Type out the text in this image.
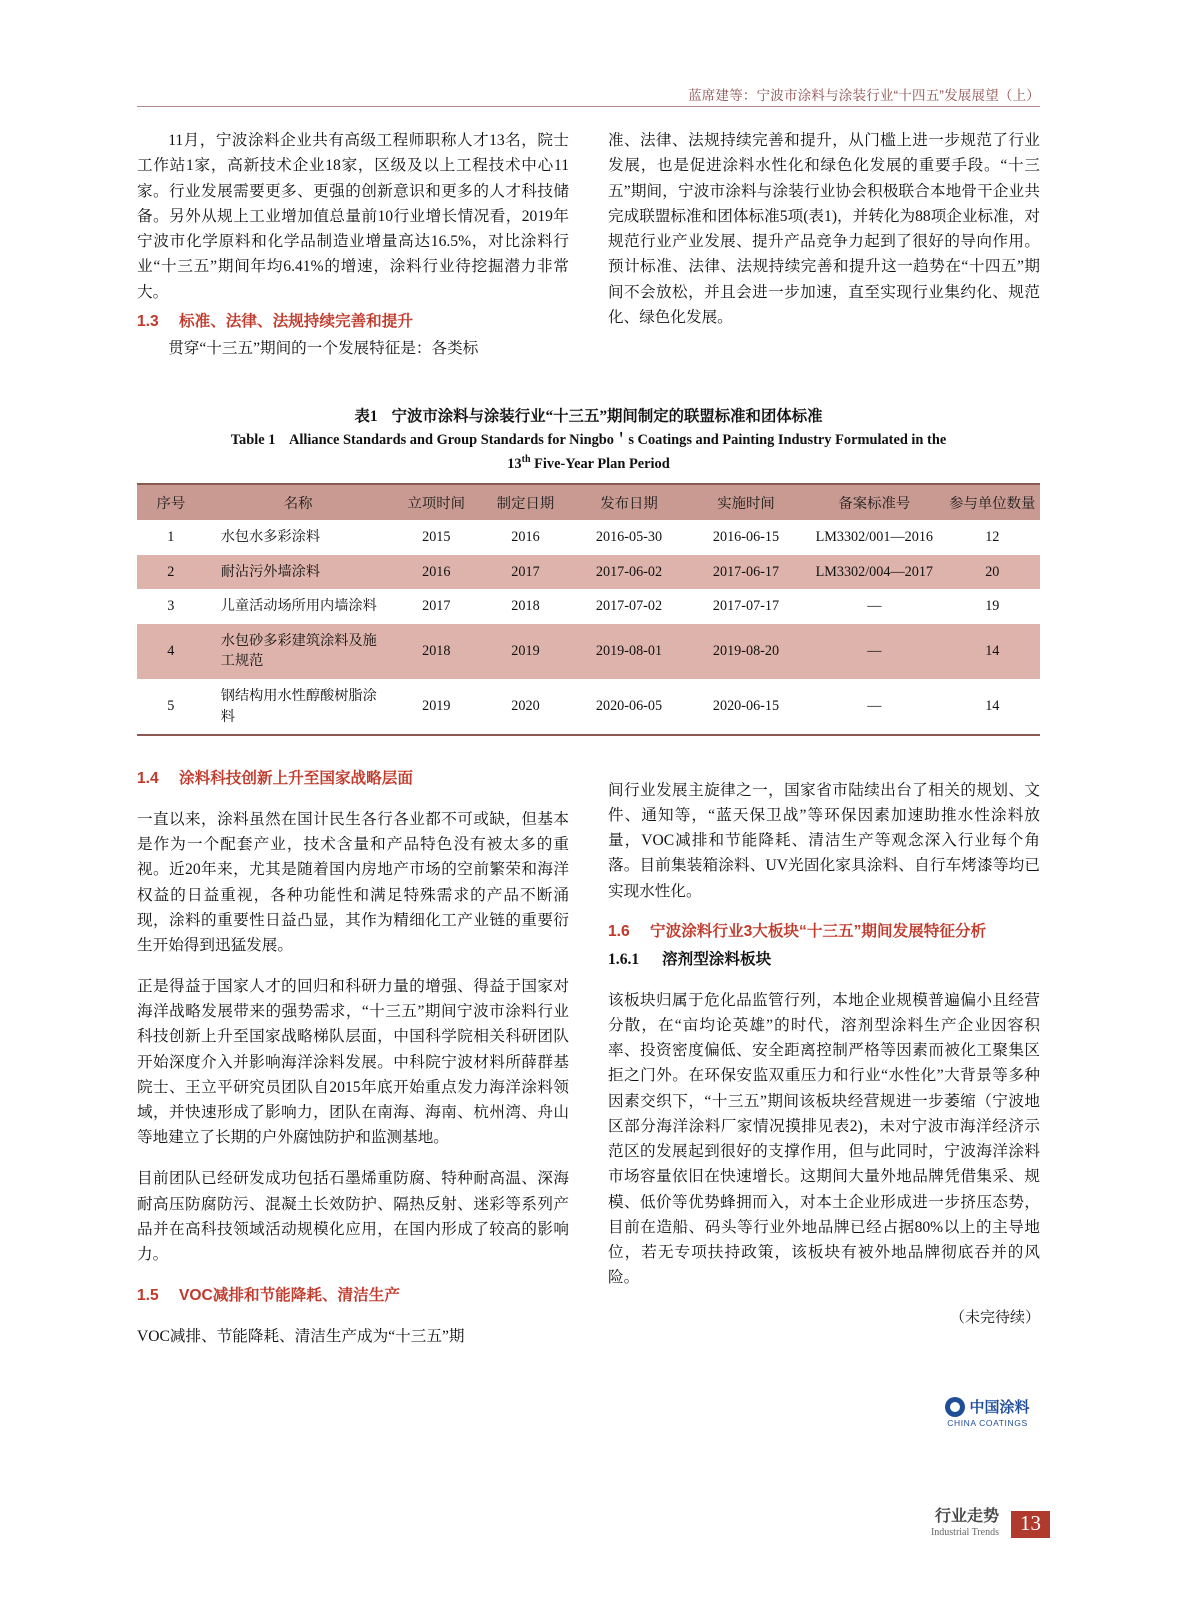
蓝席建等：宁波市涂料与涂装行业“十四五”发展展望（上）

11月，宁波涂料企业共有高级工程师职称人才13名，院士工作站1家，高新技术企业18家，区级及以上工程技术中心11家。行业发展需要更多、更强的创新意识和更多的人才科技储备。另外从规上工业增加值总量前10行业增长情况看，2019年宁波市化学原料和化学品制造业增量高达16.5%，对比涂料行业“十三五”期间年均6.41%的增速，涂料行业待挖掘潜力非常大。

1.3	标准、法律、法规持续完善和提升

贯穿“十三五”期间的一个发展特征是：各类标

准、法律、法规持续完善和提升，从门槛上进一步规范了行业发展，也是促进涂料水性化和绿色化发展的重要手段。“十三五”期间，宁波市涂料与涂装行业协会积极联合本地骨干企业共完成联盟标准和团体标准5项(表1)，并转化为88项企业标准，对规范行业产业发展、提升产品竞争力起到了很好的导向作用。预计标准、法律、法规持续完善和提升这一趋势在“十四五”期间不会放松，并且会进一步加速，直至实现行业集约化、规范化、绿色化发展。

表1 宁波市涂料与涂装行业“十三五”期间制定的联盟标准和团体标准
Table 1 Alliance Standards and Group Standards for Ningbo＇s Coatings and Painting Industry Formulated in the
13th Five-Year Plan Period
序号	名称	立项时间	制定日期	发布日期	实施时间	备案标准号	参与单位数量
1	水包水多彩涂料	2015	2016	2016-05-30	2016-06-15	LM3302/001—2016	12
2	耐沾污外墙涂料	2016	2017	2017-06-02	2017-06-17	LM3302/004—2017	20
3	儿童活动场所用内墙涂料	2017	2018	2017-07-02	2017-07-17	—	19
4	水包砂多彩建筑涂料及施工规范	2018	2019	2019-08-01	2019-08-20	—	14
5	钢结构用水性醇酸树脂涂料	2019	2020	2020-06-05	2020-06-15	—	14
1.4	涂料科技创新上升至国家战略层面

一直以来，涂料虽然在国计民生各行各业都不可或缺，但基本是作为一个配套产业，技术含量和产品特色没有被太多的重视。近20年来，尤其是随着国内房地产市场的空前繁荣和海洋权益的日益重视，各种功能性和满足特殊需求的产品不断涌现，涂料的重要性日益凸显，其作为精细化工产业链的重要衍生开始得到迅猛发展。

正是得益于国家人才的回归和科研力量的增强、得益于国家对海洋战略发展带来的强势需求，“十三五”期间宁波市涂料行业科技创新上升至国家战略梯队层面，中国科学院相关科研团队开始深度介入并影响海洋涂料发展。中科院宁波材料所薛群基院士、王立平研究员团队自2015年底开始重点发力海洋涂料领域，并快速形成了影响力，团队在南海、海南、杭州湾、舟山等地建立了长期的户外腐蚀防护和监测基地。

目前团队已经研发成功包括石墨烯重防腐、特种耐高温、深海耐高压防腐防污、混凝土长效防护、隔热反射、迷彩等系列产品并在高科技领域活动规模化应用，在国内形成了较高的影响力。

1.5	VOC减排和节能降耗、清洁生产

VOC减排、节能降耗、清洁生产成为“十三五”期

间行业发展主旋律之一，国家省市陆续出台了相关的规划、文件、通知等，“蓝天保卫战”等环保因素加速助推水性涂料放量，VOC减排和节能降耗、清洁生产等观念深入行业每个角落。目前集装箱涂料、UV光固化家具涂料、自行车烤漆等均已实现水性化。

1.6	宁波涂料行业3大板块“十三五”期间发展特征分析
1.6.1	溶剂型涂料板块

该板块归属于危化品监管行列，本地企业规模普遍偏小且经营分散，在“亩均论英雄”的时代，溶剂型涂料生产企业因容积率、投资密度偏低、安全距离控制严格等因素而被化工聚集区拒之门外。在环保安监双重压力和行业“水性化”大背景等多种因素交织下，“十三五”期间该板块经营规进一步萎缩（宁波地区部分海洋涂料厂家情况摸排见表2)，未对宁波市海洋经济示范区的发展起到很好的支撑作用，但与此同时，宁波海洋涂料市场容量依旧在快速增长。这期间大量外地品牌凭借集采、规模、低价等优势蜂拥而入，对本土企业形成进一步挤压态势，目前在造船、码头等行业外地品牌已经占据80%以上的主导地位，若无专项扶持政策，该板块有被外地品牌彻底吞并的风险。

（未完待续）
中国涂料
CHINA COATINGS
行业走势
Industrial Trends	13
